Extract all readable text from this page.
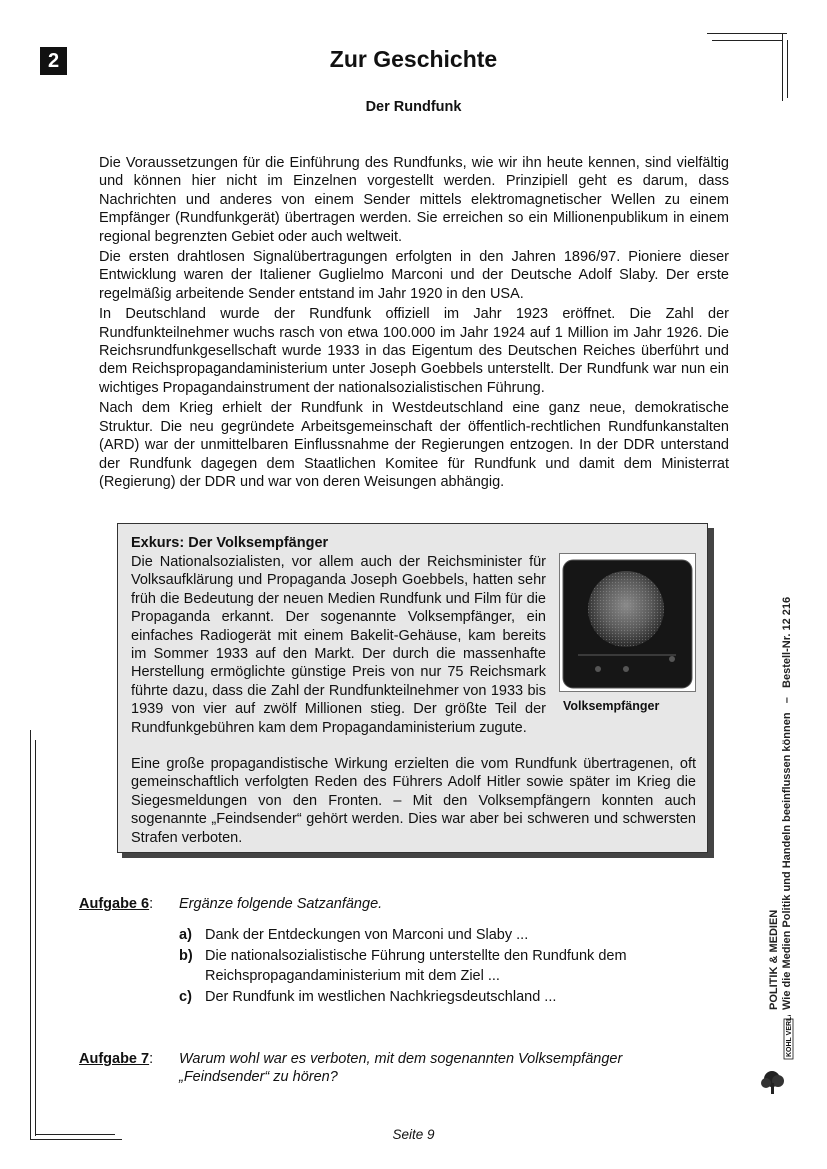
2	Zur Geschichte
Der Rundfunk

Die Voraussetzungen für die Einführung des Rundfunks, wie wir ihn heute kennen, sind vielfältig und können hier nicht im Einzelnen vorgestellt werden. Prinzipiell geht es darum, dass Nachrichten und anderes von einem Sender mittels elektromagnetischer Wellen zu einem Empfänger (Rundfunkgerät) übertragen werden. Sie erreichen so ein Millionenpublikum in einem regional begrenzten Gebiet oder auch weltweit.

Die ersten drahtlosen Signalübertragungen erfolgten in den Jahren 1896/97. Pioniere dieser Entwicklung waren der Italiener Guglielmo Marconi und der Deutsche Adolf Slaby. Der erste regelmäßig arbeitende Sender entstand im Jahr 1920 in den USA.

In Deutschland wurde der Rundfunk offiziell im Jahr 1923 eröffnet. Die Zahl der Rundfunkteilnehmer wuchs rasch von etwa 100.000 im Jahr 1924 auf 1 Million im Jahr 1926. Die Reichsrundfunkgesellschaft wurde 1933 in das Eigentum des Deutschen Reiches überführt und dem Reichspropagandaministerium unter Joseph Goebbels unterstellt. Der Rundfunk war nun ein wichtiges Propagandainstrument der nationalsozialistischen Führung.

Nach dem Krieg erhielt der Rundfunk in Westdeutschland eine ganz neue, demokratische Struktur. Die neu gegründete Arbeitsgemeinschaft der öffentlich-rechtlichen Rundfunkanstalten (ARD) war der unmittelbaren Einflussnahme der Regierungen entzogen. In der DDR unterstand der Rundfunk dagegen dem Staatlichen Komitee für Rundfunk und damit dem Ministerrat (Regierung) der DDR und war von deren Weisungen abhängig.

Exkurs: Der Volksempfänger
Die Nationalsozialisten, vor allem auch der Reichsminister für Volksaufklärung und Propaganda Joseph Goebbels, hatten sehr früh die Bedeutung der neuen Medien Rundfunk und Film für die Propaganda erkannt. Der sogenannte Volksempfänger, ein einfaches Radiogerät mit einem Bakelit-Gehäuse, kam bereits im Sommer 1933 auf den Markt. Der durch die massenhafte Herstellung ermöglichte günstige Preis von nur 75 Reichsmark führte dazu, dass die Zahl der Rundfunkteilnehmer von 1933 bis 1939 von vier auf zwölf Millionen stieg. Der größte Teil der Rundfunkgebühren kam dem Propagandaministerium zugute.
Eine große propagandistische Wirkung erzielten die vom Rundfunk übertragenen, oft gemeinschaftlich verfolgten Reden des Führers Adolf Hitler sowie später im Krieg die Siegesmeldungen von den Fronten. – Mit den Volksempfängern konnten auch sogenannte „Feindsender“ gehört werden. Dies war aber bei schweren und schwersten Strafen verboten.
Volksempfänger
Aufgabe 6: Ergänze folgende Satzanfänge.
a) Dank der Entdeckungen von Marconi und Slaby ...
b) Die nationalsozialistische Führung unterstellte den Rundfunk dem
Reichspropagandaministerium mit dem Ziel ...
c) Der Rundfunk im westlichen Nachkriegsdeutschland ...
Aufgabe 7: Warum wohl war es verboten, mit dem sogenannten Volksempfänger
„Feindsender“ zu hören?
Seite 9
POLITIK & MEDIEN Wie die Medien Politik und Handeln beeinflussen können   –   Bestell-Nr. 12 216
KOHL VERLAG
